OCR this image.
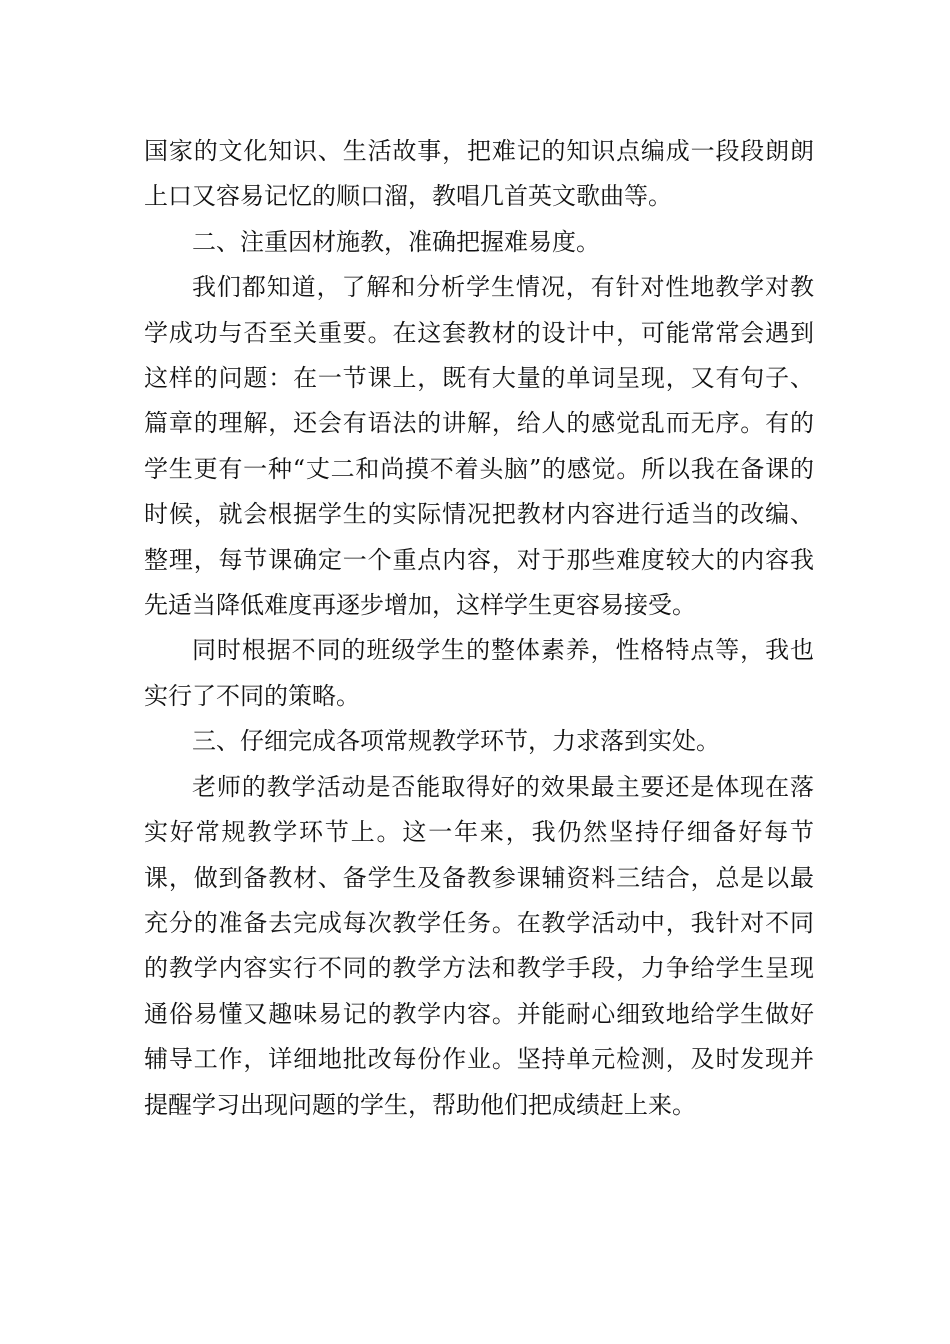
国家的文化知识、生活故事，把难记的知识点编成一段段朗朗上口又容易记忆的顺口溜，教唱几首英文歌曲等。

二、注重因材施教，准确把握难易度。

我们都知道，了解和分析学生情况，有针对性地教学对教学成功与否至关重要。在这套教材的设计中，可能常常会遇到这样的问题：在一节课上，既有大量的单词呈现，又有句子、篇章的理解，还会有语法的讲解，给人的感觉乱而无序。有的学生更有一种“丈二和尚摸不着头脑”的感觉。所以我在备课的时候，就会根据学生的实际情况把教材内容进行适当的改编、整理，每节课确定一个重点内容，对于那些难度较大的内容我先适当降低难度再逐步增加，这样学生更容易接受。

同时根据不同的班级学生的整体素养，性格特点等，我也实行了不同的策略。

三、仔细完成各项常规教学环节，力求落到实处。

老师的教学活动是否能取得好的效果最主要还是体现在落实好常规教学环节上。这一年来，我仍然坚持仔细备好每节课，做到备教材、备学生及备教参课辅资料三结合，总是以最充分的准备去完成每次教学任务。在教学活动中，我针对不同的教学内容实行不同的教学方法和教学手段，力争给学生呈现通俗易懂又趣味易记的教学内容。并能耐心细致地给学生做好辅导工作，详细地批改每份作业。坚持单元检测，及时发现并提醒学习出现问题的学生，帮助他们把成绩赶上来。
